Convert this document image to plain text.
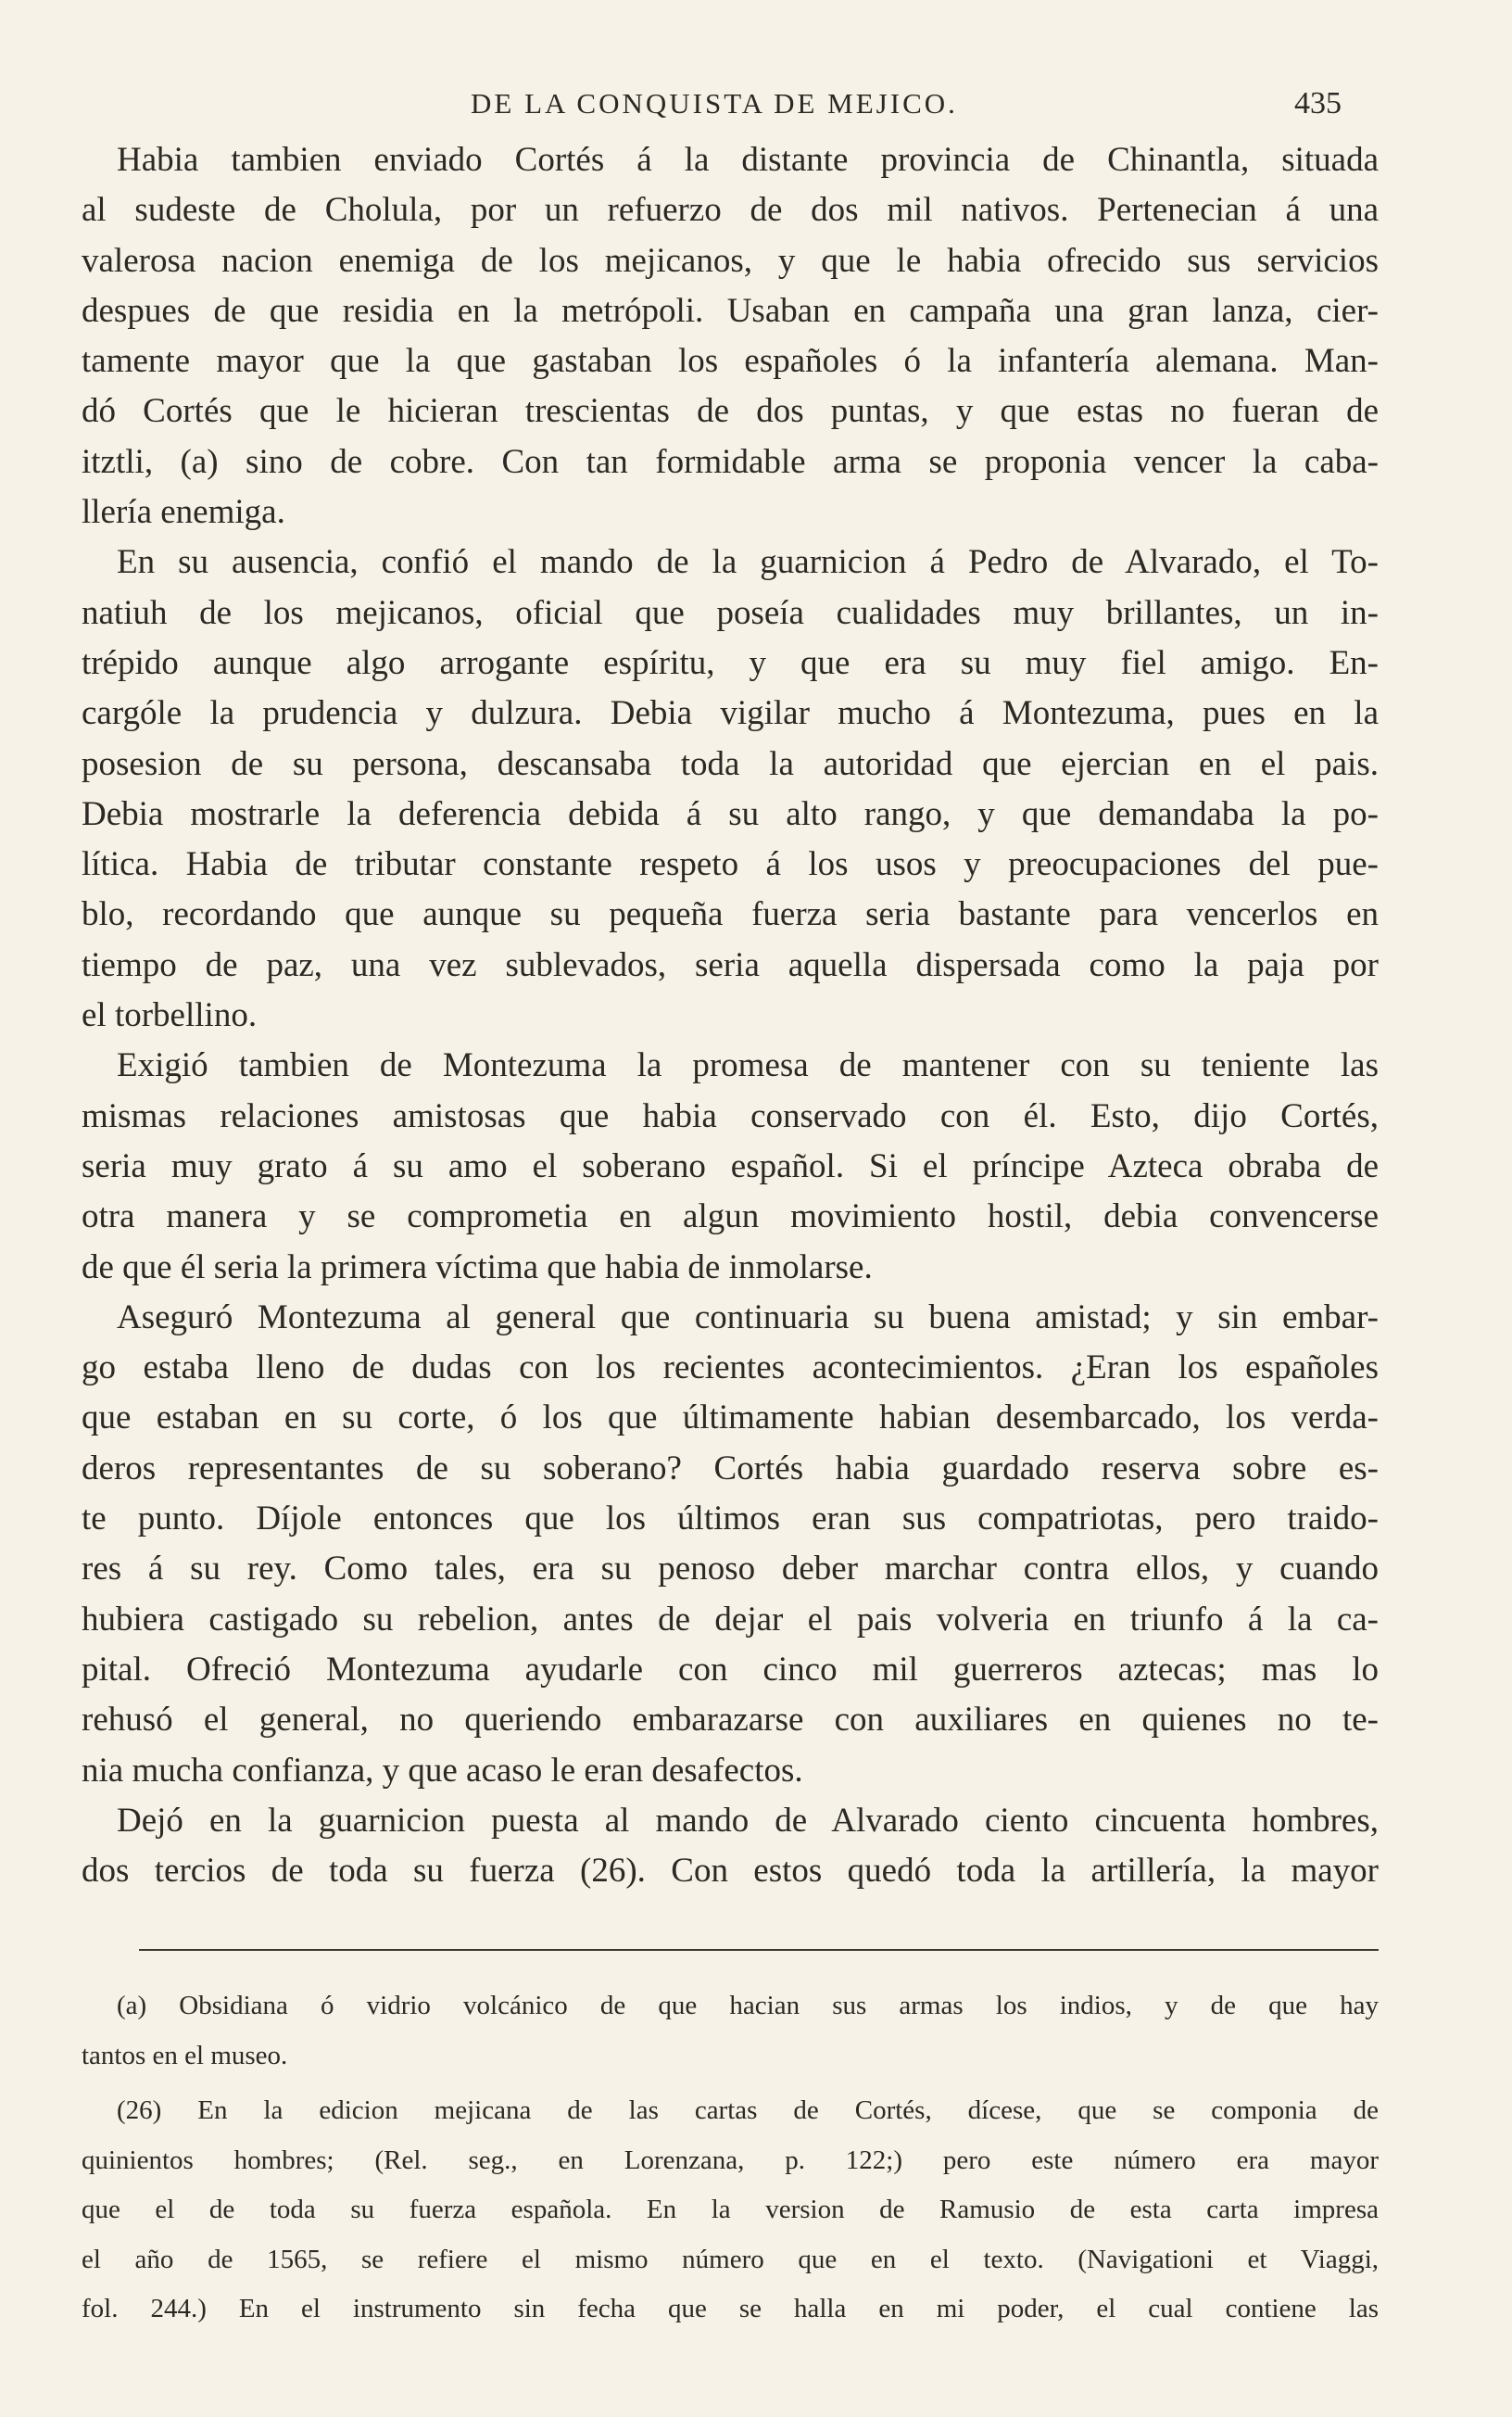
DE LA CONQUISTA DE MEJICO.	435
Habia tambien enviado Cortés á la distante provincia de Chinantla, situada
al sudeste de Cholula, por un refuerzo de dos mil nativos. Pertenecian á una
valerosa nacion enemiga de los mejicanos, y que le habia ofrecido sus servicios
despues de que residia en la metrópoli. Usaban en campaña una gran lanza, cier-
tamente mayor que la que gastaban los españoles ó la infantería alemana. Man-
dó Cortés que le hicieran trescientas de dos puntas, y que estas no fueran de
itztli, (a) sino de cobre. Con tan formidable arma se proponia vencer la caba-
llería enemiga.
En su ausencia, confió el mando de la guarnicion á Pedro de Alvarado, el To-
natiuh de los mejicanos, oficial que poseía cualidades muy brillantes, un in-
trépido aunque algo arrogante espíritu, y que era su muy fiel amigo. En-
cargóle la prudencia y dulzura. Debia vigilar mucho á Montezuma, pues en la
posesion de su persona, descansaba toda la autoridad que ejercian en el pais.
Debia mostrarle la deferencia debida á su alto rango, y que demandaba la po-
lítica. Habia de tributar constante respeto á los usos y preocupaciones del pue-
blo, recordando que aunque su pequeña fuerza seria bastante para vencerlos en
tiempo de paz, una vez sublevados, seria aquella dispersada como la paja por
el torbellino.
Exigió tambien de Montezuma la promesa de mantener con su teniente las
mismas relaciones amistosas que habia conservado con él. Esto, dijo Cortés,
seria muy grato á su amo el soberano español. Si el príncipe Azteca obraba de
otra manera y se comprometia en algun movimiento hostil, debia convencerse
de que él seria la primera víctima que habia de inmolarse.
Aseguró Montezuma al general que continuaria su buena amistad; y sin embar-
go estaba lleno de dudas con los recientes acontecimientos. ¿Eran los españoles
que estaban en su corte, ó los que últimamente habian desembarcado, los verda-
deros representantes de su soberano? Cortés habia guardado reserva sobre es-
te punto. Díjole entonces que los últimos eran sus compatriotas, pero traido-
res á su rey. Como tales, era su penoso deber marchar contra ellos, y cuando
hubiera castigado su rebelion, antes de dejar el pais volveria en triunfo á la ca-
pital. Ofreció Montezuma ayudarle con cinco mil guerreros aztecas; mas lo
rehusó el general, no queriendo embarazarse con auxiliares en quienes no te-
nia mucha confianza, y que acaso le eran desafectos.
Dejó en la guarnicion puesta al mando de Alvarado ciento cincuenta hombres,
dos tercios de toda su fuerza (26). Con estos quedó toda la artillería, la mayor
(a) Obsidiana ó vidrio volcánico de que hacian sus armas los indios, y de que hay
tantos en el museo.
(26) En la edicion mejicana de las cartas de Cortés, dícese, que se componia de
quinientos hombres; (Rel. seg., en Lorenzana, p. 122;) pero este número era mayor
que el de toda su fuerza española. En la version de Ramusio de esta carta impresa
el año de 1565, se refiere el mismo número que en el texto. (Navigationi et Viaggi,
fol. 244.) En el instrumento sin fecha que se halla en mi poder, el cual contiene las
